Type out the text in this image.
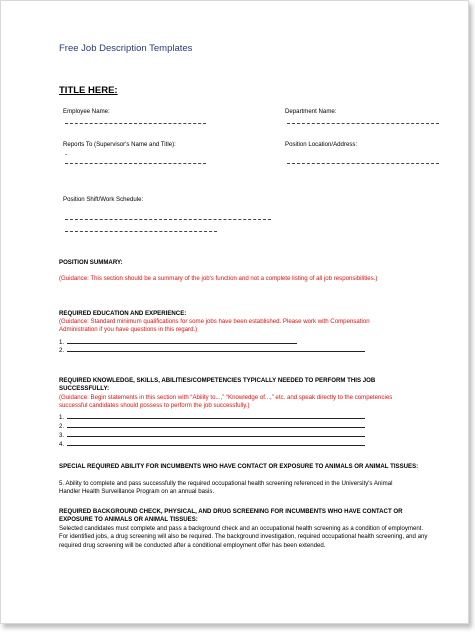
Free Job Description Templates
TITLE HERE:
Employee Name:	Department Name:
Reports To (Supervisor's Name and Title):
-
Position Location/Address:
Position Shift/Work Schedule:
POSITION SUMMARY:
(Guidance: This section should be a summary of the job's function and not a complete listing of all job responsibilities.)
REQUIRED EDUCATION AND EXPERIENCE:
(Guidance: Standard minimum qualifications for some jobs have been established. Please work with Compensation Administration if you have questions in this regard.)
1.
2.
REQUIRED KNOWLEDGE, SKILLS, ABILITIES/COMPETENCIES TYPICALLY NEEDED TO PERFORM THIS JOB SUCCESSFULLY:
(Guidance: Begin statements in this section with “Ability to...,” “Knowledge of...,” etc. and speak directly to the competencies successful candidates should possess to perform the job successfully.)
1.
2.
3.
4.
SPECIAL REQUIRED ABILITY FOR INCUMBENTS WHO HAVE CONTACT OR EXPOSURE TO ANIMALS OR ANIMAL TISSUES:
5. Ability to complete and pass successfully the required occupational health screening referenced in the University's Animal Handler Health Surveillance Program on an annual basis.
REQUIRED BACKGROUND CHECK, PHYSICAL, AND DRUG SCREENING FOR INCUMBENTS WHO HAVE CONTACT OR EXPOSURE TO ANIMALS OR ANIMAL TISSUES:
Selected candidates must complete and pass a background check and an occupational health screening as a condition of employment. For identified jobs, a drug screening will also be required. The background investigation, required occupational health screening, and any required drug screening will be conducted after a conditional employment offer has been extended.
